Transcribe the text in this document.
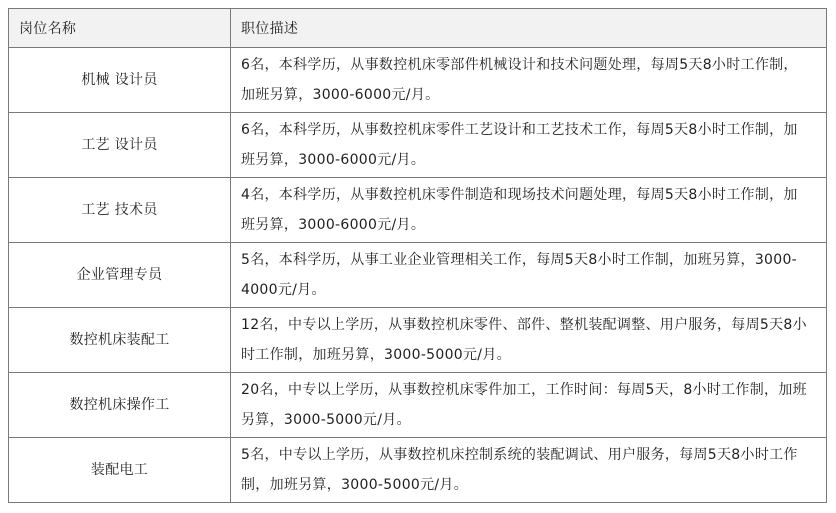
岗位名称	职位描述
机械 设计员	6名，本科学历，从事数控机床零部件机械设计和技术问题处理，每周5天8小时工作制，加班另算，3000-6000元/月。
工艺 设计员	6名，本科学历，从事数控机床零件工艺设计和工艺技术工作，每周5天8小时工作制，加班另算，3000-6000元/月。
工艺 技术员	4名，本科学历，从事数控机床零件制造和现场技术问题处理，每周5天8小时工作制，加班另算，3000-6000元/月。
企业管理专员	5名，本科学历，从事工业企业管理相关工作，每周5天8小时工作制，加班另算，3000-4000元/月。
数控机床装配工	12名，中专以上学历，从事数控机床零件、部件、整机装配调整、用户服务，每周5天8小时工作制，加班另算，3000-5000元/月。
数控机床操作工	20名，中专以上学历，从事数控机床零件加工，工作时间：每周5天，8小时工作制，加班另算，3000-5000元/月。
装配电工	5名，中专以上学历，从事数控机床控制系统的装配调试、用户服务，每周5天8小时工作制，加班另算，3000-5000元/月。
